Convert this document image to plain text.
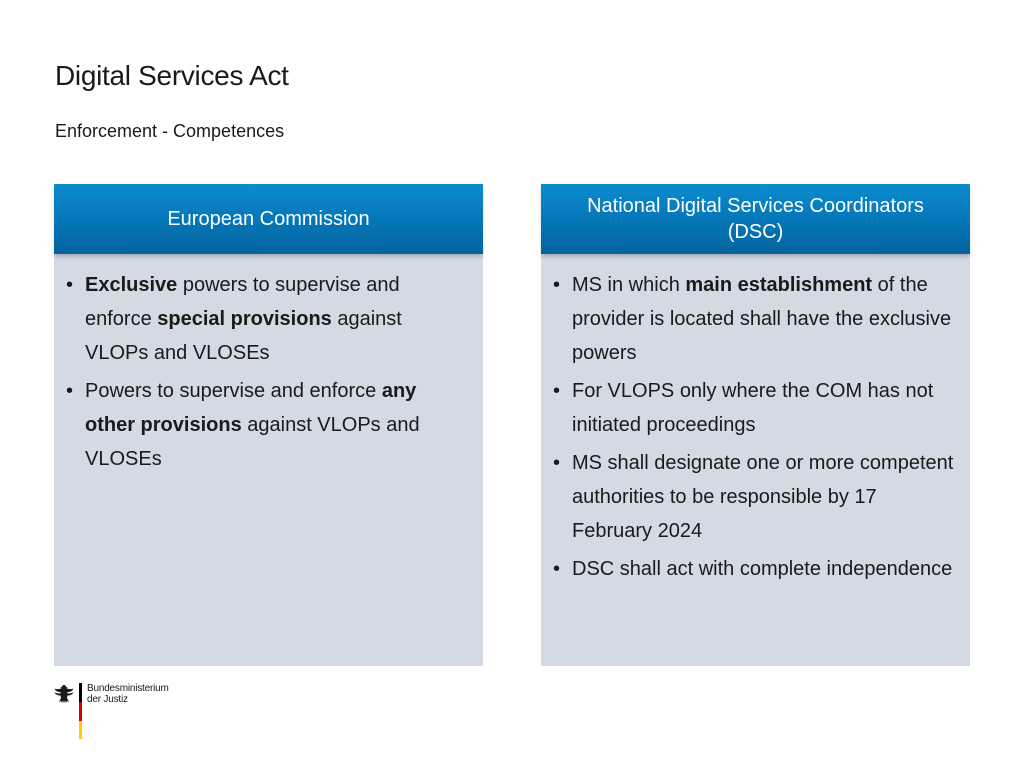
Digital Services Act
Enforcement - Competences
European Commission
• Exclusive powers to supervise and enforce special provisions against VLOPs and VLOSEs
• Powers to supervise and enforce any other provisions against VLOPs and VLOSEs
National Digital Services Coordinators (DSC)
• MS in which main establishment of the provider is located shall have the exclusive powers
• For VLOPS only where the COM has not initiated proceedings
• MS shall designate one or more competent authorities to be responsible by 17 February 2024
• DSC shall act with complete independence
Bundesministerium
der Justiz
